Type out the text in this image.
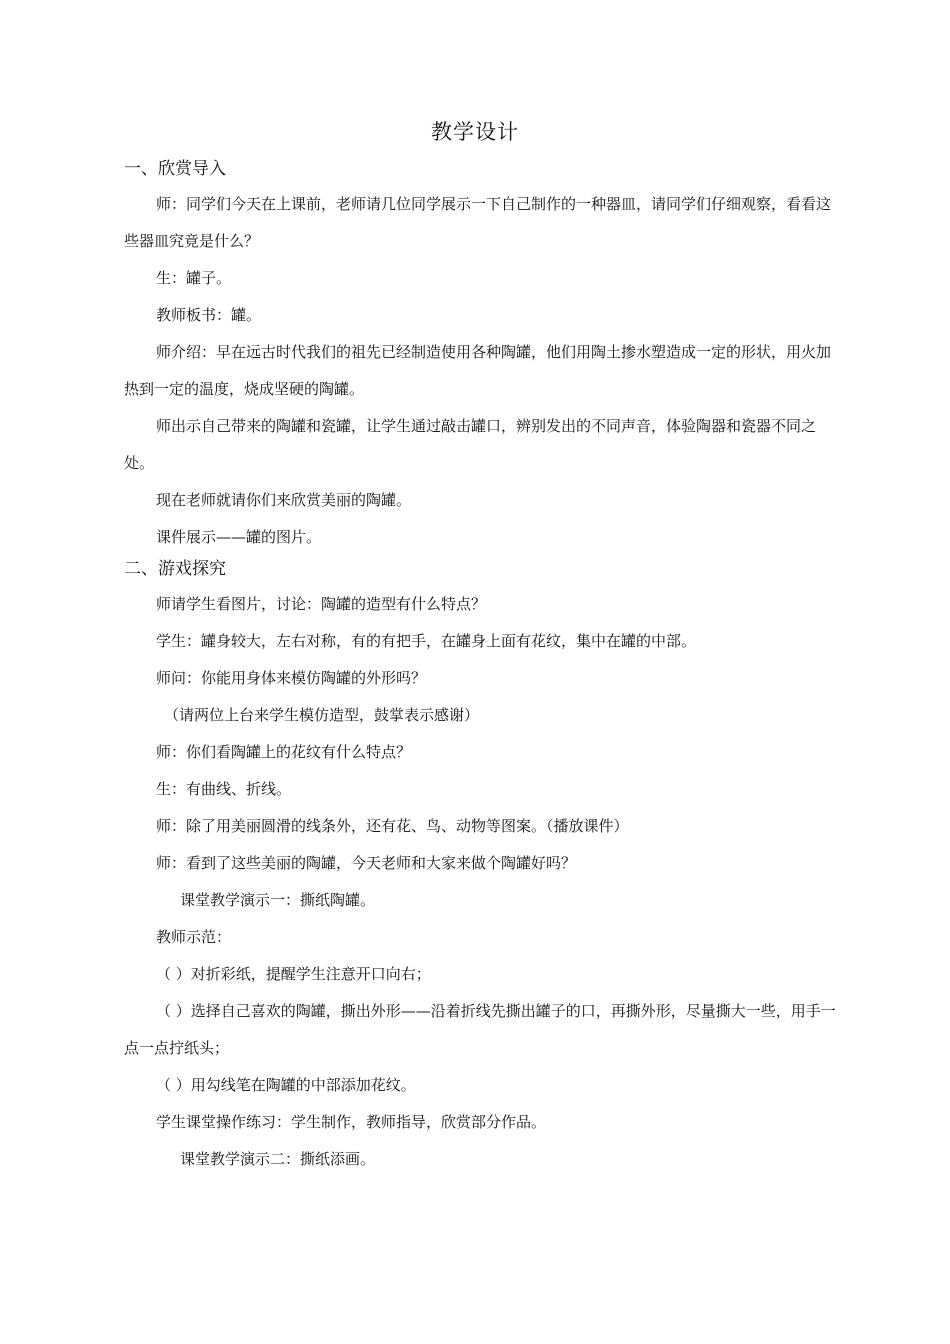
教学设计
一、欣赏导入

师：同学们今天在上课前，老师请几位同学展示一下自己制作的一种器皿，请同学们仔细观察，看看这些器皿究竟是什么？

生：罐子。

教师板书：罐。

师介绍：早在远古时代我们的祖先已经制造使用各种陶罐，他们用陶土掺水塑造成一定的形状，用火加热到一定的温度，烧成坚硬的陶罐。

师出示自己带来的陶罐和瓷罐，让学生通过敲击罐口，辨别发出的不同声音，体验陶器和瓷器不同之处。

现在老师就请你们来欣赏美丽的陶罐。

课件展示——罐的图片。

二、游戏探究

师请学生看图片，讨论：陶罐的造型有什么特点？

学生：罐身较大，左右对称，有的有把手，在罐身上面有花纹，集中在罐的中部。

师问：你能用身体来模仿陶罐的外形吗？

（请两位上台来学生模仿造型，鼓掌表示感谢）

师：你们看陶罐上的花纹有什么特点？

生：有曲线、折线。

师：除了用美丽圆滑的线条外，还有花、鸟、动物等图案。（播放课件）

师：看到了这些美丽的陶罐，今天老师和大家来做个陶罐好吗？

课堂教学演示一：撕纸陶罐。

教师示范：

（ ）对折彩纸，提醒学生注意开口向右；

（ ）选择自己喜欢的陶罐，撕出外形——沿着折线先撕出罐子的口，再撕外形，尽量撕大一些，用手一点一点拧纸头；

（ ）用勾线笔在陶罐的中部添加花纹。

学生课堂操作练习：学生制作，教师指导，欣赏部分作品。

课堂教学演示二：撕纸添画。
